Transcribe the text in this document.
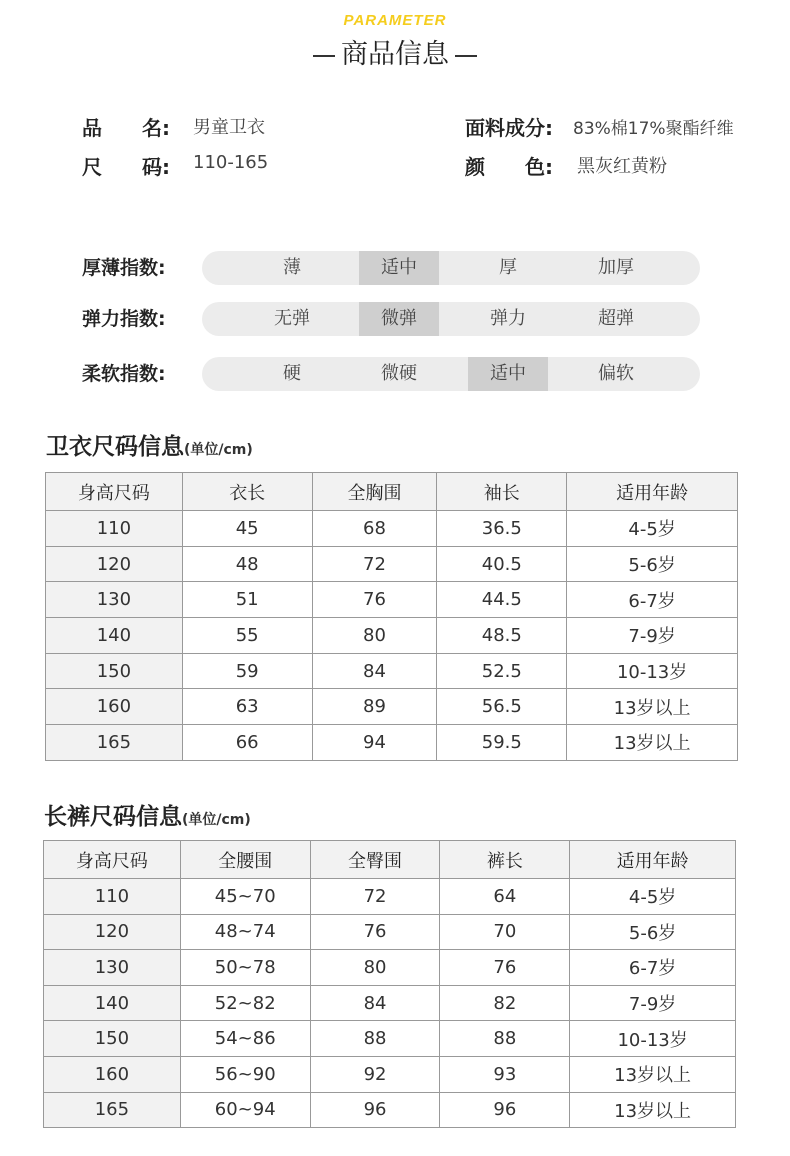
PARAMETER
商品信息
品　　名: 男童卫衣	面料成分: 83%棉17%聚酯纤维
尺　　码: 110-165	颜　　色: 黑灰红黄粉
厚薄指数:	薄	适中	厚	加厚
弹力指数:	无弹	微弹	弹力	超弹
柔软指数:	硬	微硬	适中	偏软
卫衣尺码信息(单位/cm)
身高尺码	衣长	全胸围	袖长	适用年龄
110	45	68	36.5	4-5岁
120	48	72	40.5	5-6岁
130	51	76	44.5	6-7岁
140	55	80	48.5	7-9岁
150	59	84	52.5	10-13岁
160	63	89	56.5	13岁以上
165	66	94	59.5	13岁以上
长裤尺码信息(单位/cm)
身高尺码	全腰围	全臀围	裤长	适用年龄
110	45~70	72	64	4-5岁
120	48~74	76	70	5-6岁
130	50~78	80	76	6-7岁
140	52~82	84	82	7-9岁
150	54~86	88	88	10-13岁
160	56~90	92	93	13岁以上
165	60~94	96	96	13岁以上
